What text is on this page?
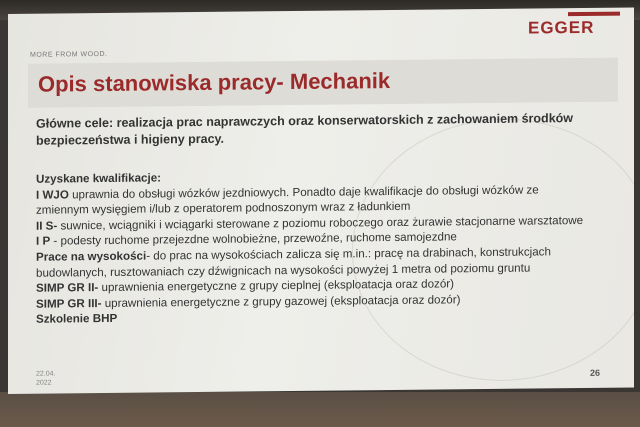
EGGER
MORE FROM WOOD.
Opis stanowiska pracy- Mechanik
Główne cele: realizacja prac naprawczych oraz konserwatorskich z zachowaniem środków
bezpieczeństwa i higieny pracy.
Uzyskane kwalifikacje:
I WJO uprawnia do obsługi wózków jezdniowych. Ponadto daje kwalifikacje do obsługi wózków ze
zmiennym wysięgiem i/lub z operatorem podnoszonym wraz z ładunkiem
II S- suwnice, wciągniki i wciągarki sterowane z poziomu roboczego oraz żurawie stacjonarne warsztatowe
I P - podesty ruchome przejezdne wolnobieżne, przewoźne, ruchome samojezdne
Prace na wysokości- do prac na wysokościach zalicza się m.in.: pracę na drabinach, konstrukcjach
budowlanych, rusztowaniach czy dźwignicach na wysokości powyżej 1 metra od poziomu gruntu
SIMP GR II- uprawnienia energetyczne z grupy cieplnej (eksploatacja oraz dozór)
SIMP GR III- uprawnienia energetyczne z grupy gazowej (eksploatacja oraz dozór)
Szkolenie BHP
22.04.
2022
26
